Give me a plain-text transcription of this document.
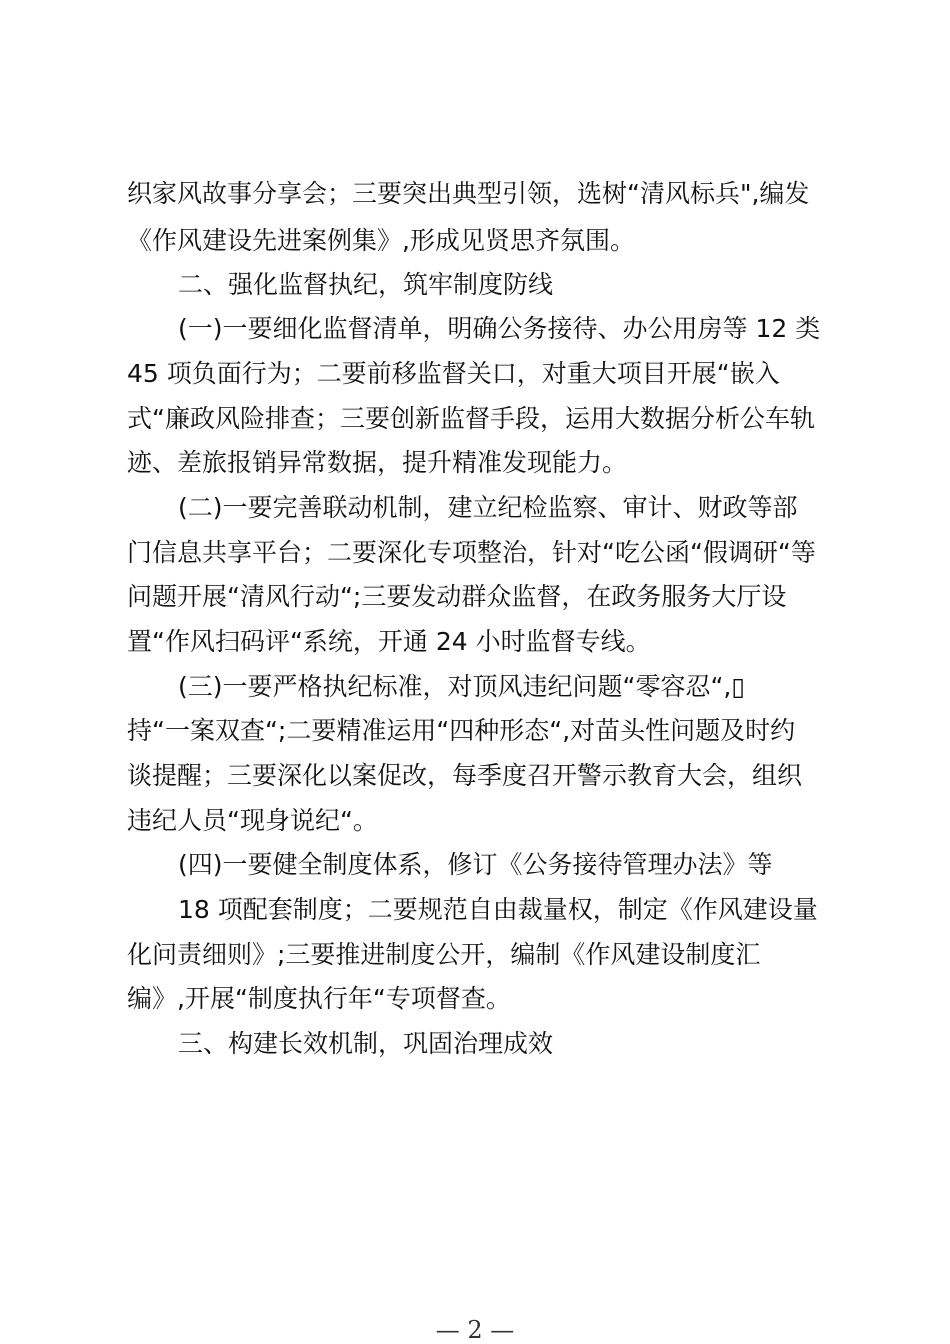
织家风故事分享会；三要突出典型引领，选树“清风标兵",编发
《作风建设先进案例集》,形成见贤思齐氛围。
二、强化监督执纪，筑牢制度防线
(一)一要细化监督清单，明确公务接待、办公用房等 12 类
45 项负面行为；二要前移监督关口，对重大项目开展“嵌入
式“廉政风险排查；三要创新监督手段，运用大数据分析公车轨
迹、差旅报销异常数据，提升精准发现能力。
(二)一要完善联动机制，建立纪检监察、审计、财政等部
门信息共享平台；二要深化专项整治，针对“吃公函“假调研“等
问题开展“清风行动“;三要发动群众监督，在政务服务大厅设
置“作风扫码评“系统，开通 24 小时监督专线。
(三)一要严格执纪标准，对顶风违纪问题“零容忍“,▯
持“一案双查“;二要精准运用“四种形态“,对苗头性问题及时约
谈提醒；三要深化以案促改，每季度召开警示教育大会，组织
违纪人员“现身说纪“。
(四)一要健全制度体系，修订《公务接待管理办法》等
18 项配套制度；二要规范自由裁量权，制定《作风建设量
化问责细则》;三要推进制度公开，编制《作风建设制度汇
编》,开展“制度执行年“专项督查。
三、构建长效机制，巩固治理成效
— 2 —
